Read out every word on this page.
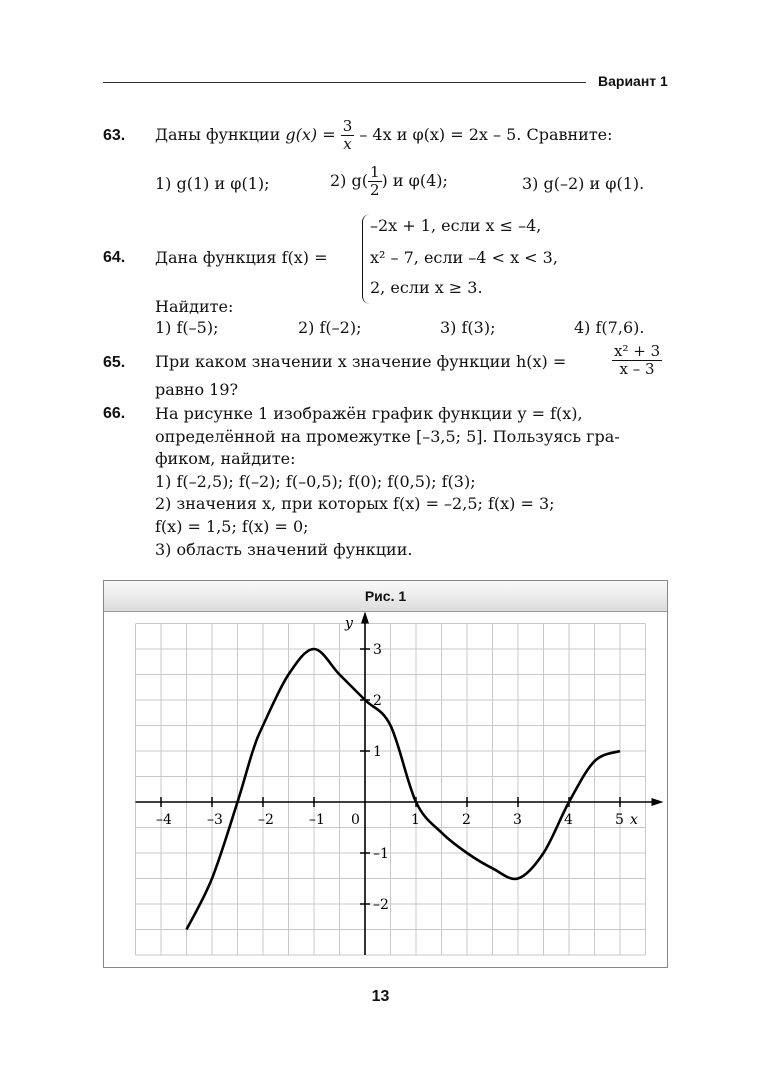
Вариант 1
63. Даны функции $g(x) = \frac{3}{x} - 4x$ и φ(x) = 2x – 5. Сравните:
1) g(1) и φ(1);	2) $g( \frac{1}{2}$ ) и φ(4);	3) g(–2) и φ(1).
64. Дана функция f(x) =
–2x + 1, если x ≤ –4,
x² – 7, если –4 < x < 3,
2, если x ≥ 3.
Найдите:
1) f(–5);	2) f(–2);	3) f(3);	4) f(7,6).
65. При каком значении x значение функции h(x) =	$\frac{\text{x² + 3}}{x - 3}$
равно 19?
66. На рисунке 1 изображён график функции y = f(x),
определённой на промежутке [–3,5; 5]. Пользуясь гра-
фиком, найдите:
1) f(–2,5); f(–2); f(–0,5); f(0); f(0,5); f(3);
2) значения x, при которых f(x) = –2,5; f(x) = 3;
f(x) = 1,5; f(x) = 0;
3) область значений функции.
Рис. 1
–4	–3	–2	–1 0	1	2	3	4	5
3
2
1
–1
–2
x
y
13
